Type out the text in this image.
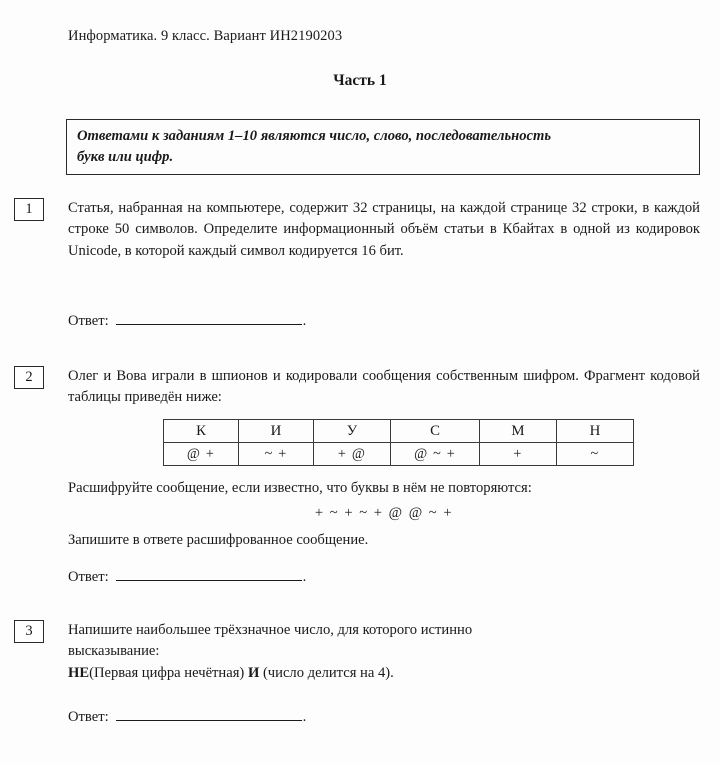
Информатика. 9 класс. Вариант ИН2190203
Часть 1
Ответами к заданиям 1–10 являются число, слово, последовательность
букв или цифр.
1	Статья, набранная на компьютере, содержит 32 страницы, на каждой странице 32 строки, в каждой строке 50 символов. Определите информационный объём статьи в Кбайтах в одной из кодировок Unicode, в которой каждый символ кодируется 16 бит.
Ответ:	.
2	Олег и Вова играли в шпионов и кодировали сообщения собственным шифром. Фрагмент кодовой таблицы приведён ниже:
К	И	У	С	М	Н
@ +	~ +	+ @	@ ~ +	+	~
Расшифруйте сообщение, если известно, что буквы в нём не повторяются:
+ ~ + ~ + @ @ ~ +
Запишите в ответе расшифрованное сообщение.
Ответ:	.
3	Напишите наибольшее трёхзначное число, для которого истинно

высказывание:

НЕ(Первая цифра нечётная) И (число делится на 4).

Ответ:	.
